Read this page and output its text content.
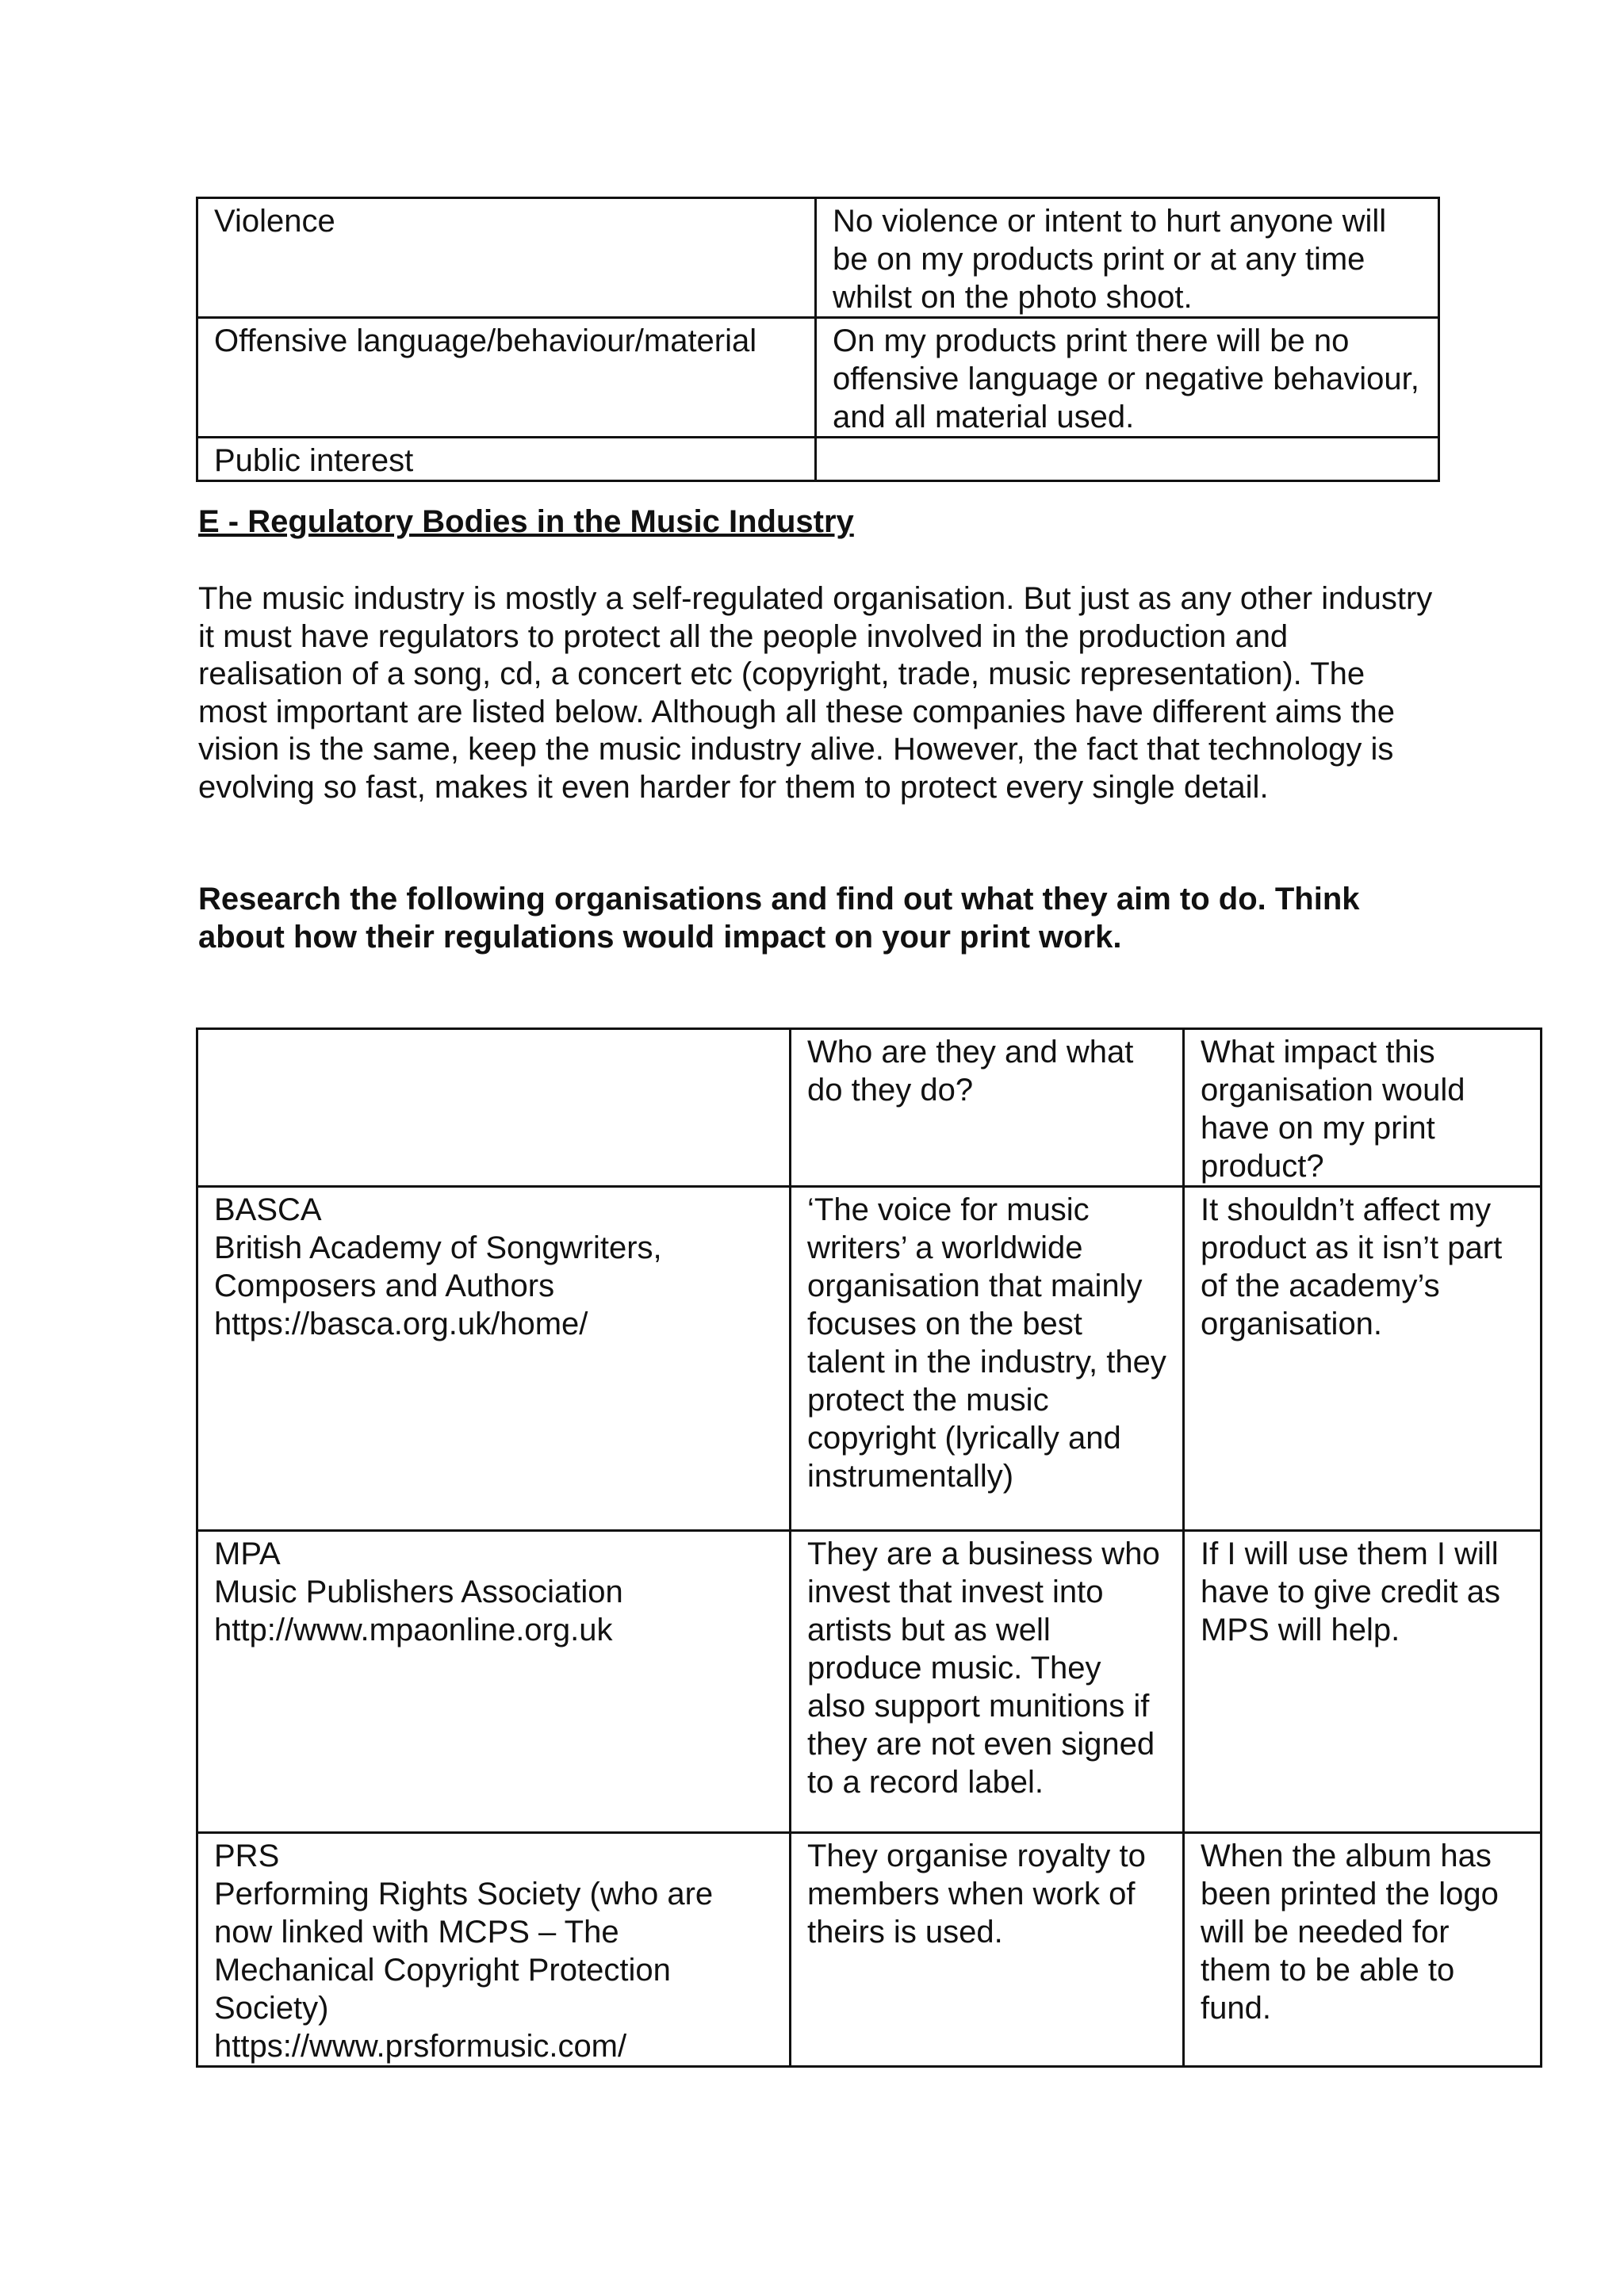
Violence	No violence or intent to hurt anyone will be on my products print or at any time whilst on the photo shoot.
Offensive language/behaviour/material	On my products print there will be no offensive language or negative behaviour, and all material used.
Public interest	
E - Regulatory Bodies in the Music Industry
The music industry is mostly a self-regulated organisation. But just as any other industry it must have regulators to protect all the people involved in the production and realisation of a song, cd, a concert etc (copyright, trade, music representation). The most important are listed below. Although all these companies have different aims the vision is the same, keep the music industry alive. However, the fact that technology is evolving so fast, makes it even harder for them to protect every single detail.
Research the following organisations and find out what they aim to do. Think about how their regulations would impact on your print work.
	Who are they and what do they do?	What impact this organisation would have on my print product?

BASCA
British Academy of Songwriters, Composers and Authors
https://basca.org.uk/home/	‘The voice for music writers’ a worldwide organisation that mainly focuses on the best talent in the industry, they protect the music copyright (lyrically and instrumentally)	It shouldn’t affect my product as it isn’t part of the academy’s organisation.

MPA
Music Publishers Association
http://www.mpaonline.org.uk	They are a business who invest that invest into artists but as well produce music. They also support munitions if they are not even signed to a record label.	If I will use them I will have to give credit as MPS will help.

PRS
Performing Rights Society (who are now linked with MCPS – The Mechanical Copyright Protection Society)
https://www.prsformusic.com/	They organise royalty to members when work of theirs is used.	When the album has been printed the logo will be needed for them to be able to fund.
